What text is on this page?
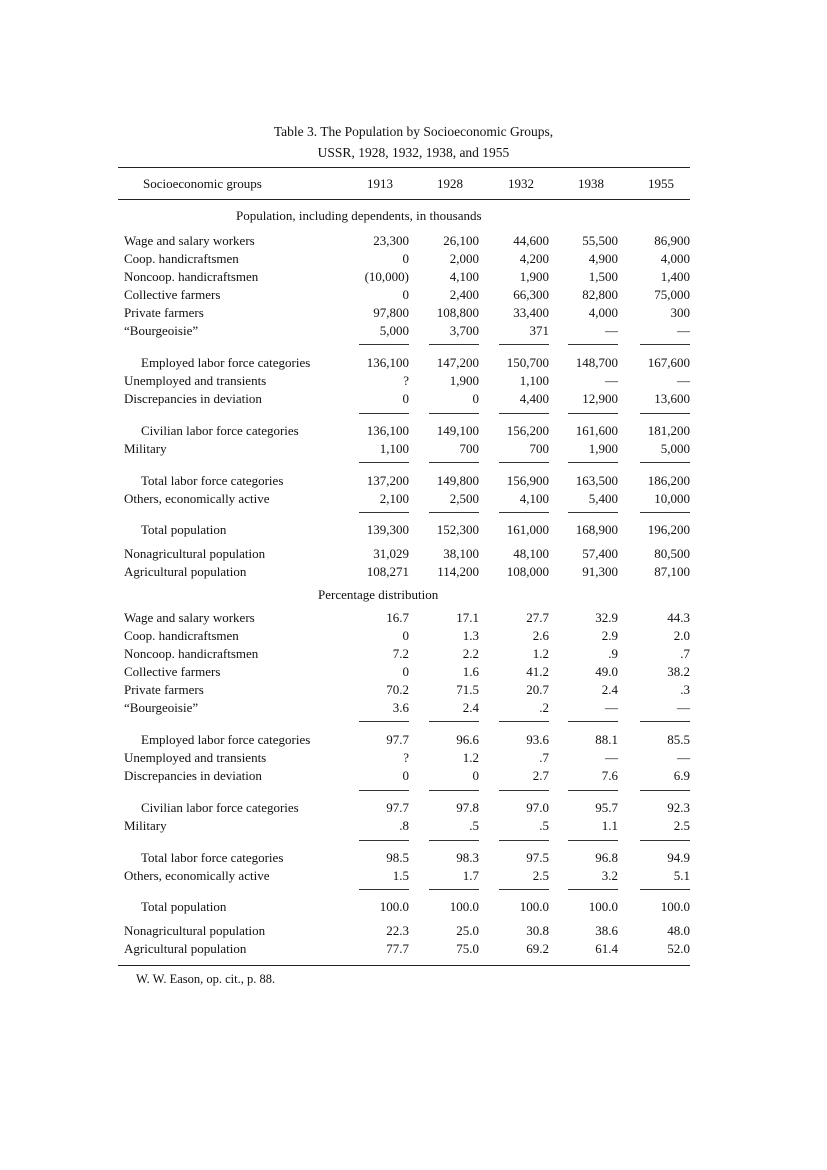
Table 3. The Population by Socioeconomic Groups,
USSR, 1928, 1932, 1938, and 1955
Socioeconomic groups	1913	1928	1932	1938	1955
Population, including dependents, in thousands
Wage and salary workers	23,300	26,100	44,600	55,500	86,900
Coop. handicraftsmen	0	2,000	4,200	4,900	4,000
Noncoop. handicraftsmen	(10,000)	4,100	1,900	1,500	1,400
Collective farmers	0	2,400	66,300	82,800	75,000
Private farmers	97,800 108,800	33,400	4,000	300
“Bourgeoisie”	5,000	3,700	371	—	—
Employed labor force categories	136,100 147,200 150,700 148,700 167,600
Unemployed and transients	?	1,900	1,100	—	—
Discrepancies in deviation	0	0	4,400	12,900	13,600
Civilian labor force categories	136,100 149,100 156,200 161,600 181,200
Military	1,100	700	700	1,900	5,000
Total labor force categories	137,200 149,800 156,900 163,500 186,200
Others, economically active	2,100	2,500	4,100	5,400	10,000
Total population	139,300 152,300 161,000 168,900 196,200
Nonagricultural population	31,029	38,100	48,100	57,400	80,500
Agricultural population	108,271 114,200 108,000	91,300	87,100
Percentage distribution
Wage and salary workers	16.7	17.1	27.7	32.9	44.3
Coop. handicraftsmen	0	1.3	2.6	2.9	2.0
Noncoop. handicraftsmen	7.2	2.2	1.2	.9	.7
Collective farmers	0	1.6	41.2	49.0	38.2
Private farmers	70.2	71.5	20.7	2.4	.3
“Bourgeoisie”	3.6	2.4	.2	—	—
Employed labor force categories	97.7	96.6	93.6	88.1	85.5
Unemployed and transients	?	1.2	.7	—	—
Discrepancies in deviation	0	0	2.7	7.6	6.9
Civilian labor force categories	97.7	97.8	97.0	95.7	92.3
Military	.8	.5	.5	1.1	2.5
Total labor force categories	98.5	98.3	97.5	96.8	94.9
Others, economically active	1.5	1.7	2.5	3.2	5.1
Total population	100.0	100.0	100.0	100.0	100.0
Nonagricultural population	22.3	25.0	30.8	38.6	48.0
Agricultural population	77.7	75.0	69.2	61.4	52.0
W. W. Eason, op. cit., p. 88.
